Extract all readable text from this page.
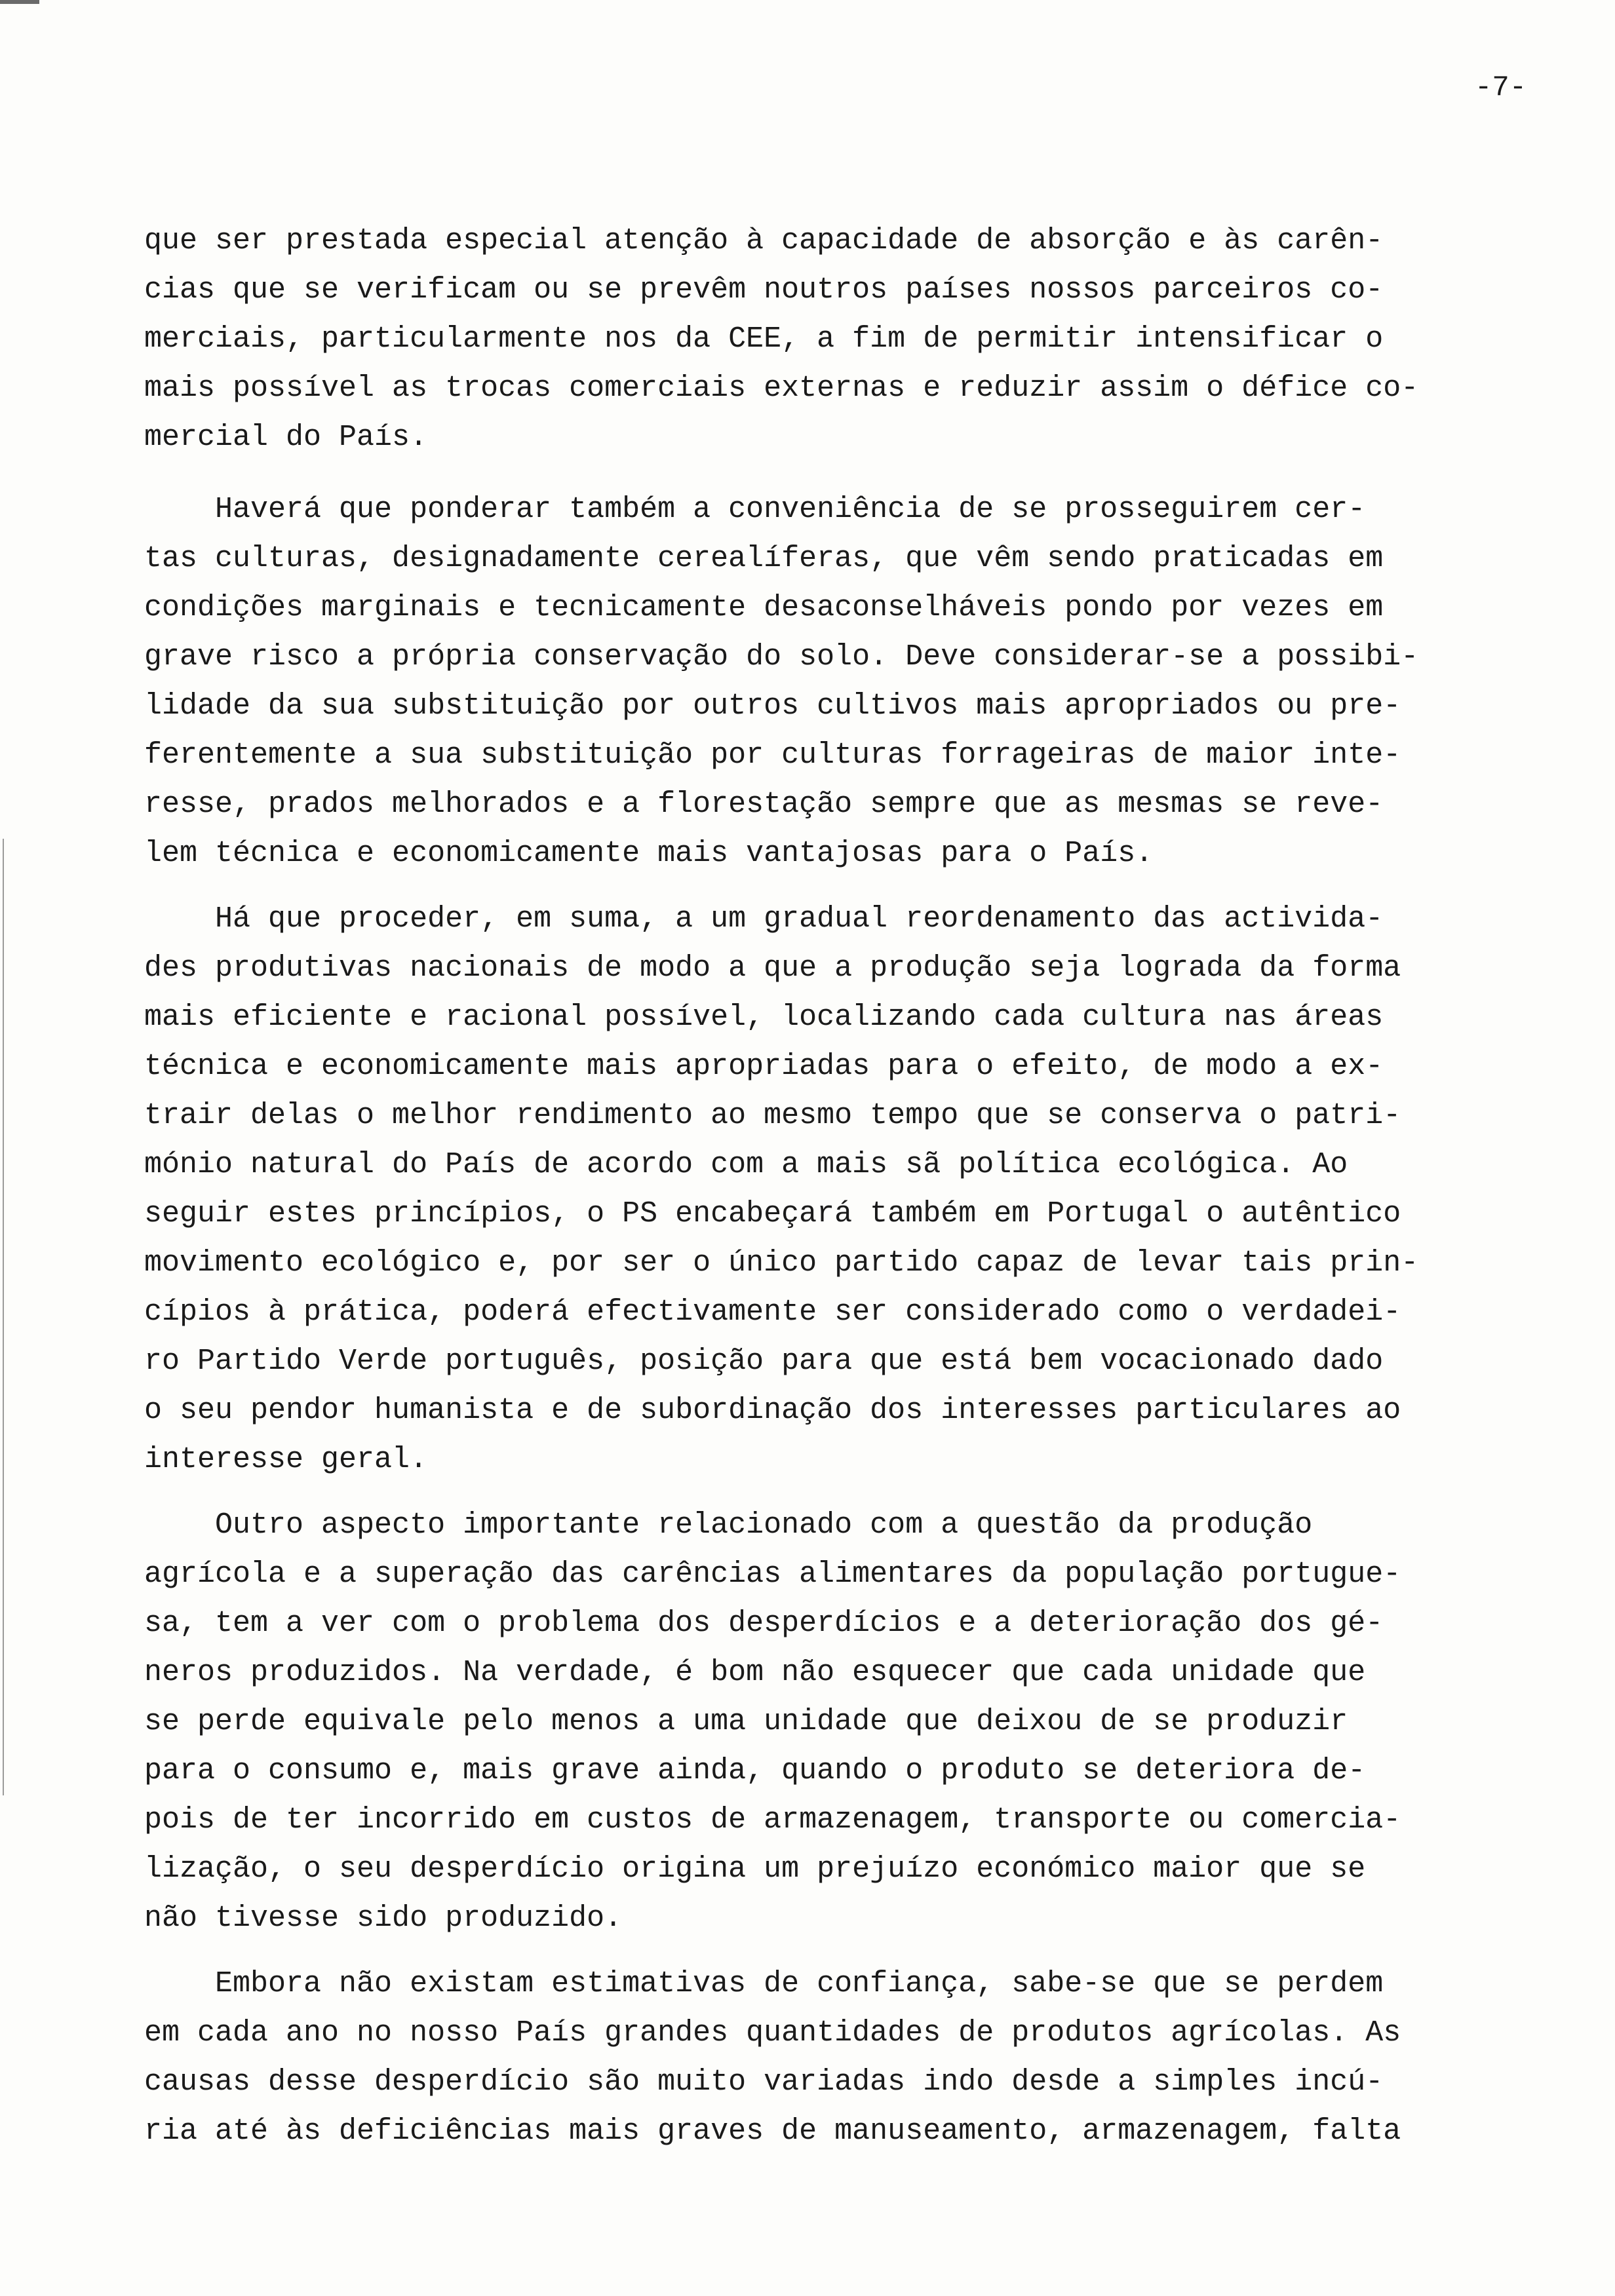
-7-
que ser prestada especial atenção à capacidade de absorção e às carên-
cias que se verificam ou se prevêm noutros países nossos parceiros co-
merciais, particularmente nos da CEE, a fim de permitir intensificar o
mais possível as trocas comerciais externas e reduzir assim o défice co-
mercial do País.
Haverá que ponderar também a conveniência de se prosseguirem cer-
tas culturas, designadamente cerealíferas, que vêm sendo praticadas em
condições marginais e tecnicamente desaconselháveis pondo por vezes em
grave risco a própria conservação do solo. Deve considerar-se a possibi-
lidade da sua substituição por outros cultivos mais apropriados ou pre-
ferentemente a sua substituição por culturas forrageiras de maior inte-
resse, prados melhorados e a florestação sempre que as mesmas se reve-
lem técnica e economicamente mais vantajosas para o País.
Há que proceder, em suma, a um gradual reordenamento das activida-
des produtivas nacionais de modo a que a produção seja lograda da forma
mais eficiente e racional possível, localizando cada cultura nas áreas
técnica e economicamente mais apropriadas para o efeito, de modo a ex-
trair delas o melhor rendimento ao mesmo tempo que se conserva o patri-
mónio natural do País de acordo com a mais sã política ecológica. Ao
seguir estes princípios, o PS encabeçará também em Portugal o autêntico
movimento ecológico e, por ser o único partido capaz de levar tais prin-
cípios à prática, poderá efectivamente ser considerado como o verdadei-
ro Partido Verde português, posição para que está bem vocacionado dado
o seu pendor humanista e de subordinação dos interesses particulares ao
interesse geral.
Outro aspecto importante relacionado com a questão da produção
agrícola e a superação das carências alimentares da população portugue-
sa, tem a ver com o problema dos desperdícios e a deterioração dos gé-
neros produzidos. Na verdade, é bom não esquecer que cada unidade que
se perde equivale pelo menos a uma unidade que deixou de se produzir
para o consumo e, mais grave ainda, quando o produto se deteriora de-
pois de ter incorrido em custos de armazenagem, transporte ou comercia-
lização, o seu desperdício origina um prejuízo económico maior que se
não tivesse sido produzido.
Embora não existam estimativas de confiança, sabe-se que se perdem
em cada ano no nosso País grandes quantidades de produtos agrícolas. As
causas desse desperdício são muito variadas indo desde a simples incú-
ria até às deficiências mais graves de manuseamento, armazenagem, falta
